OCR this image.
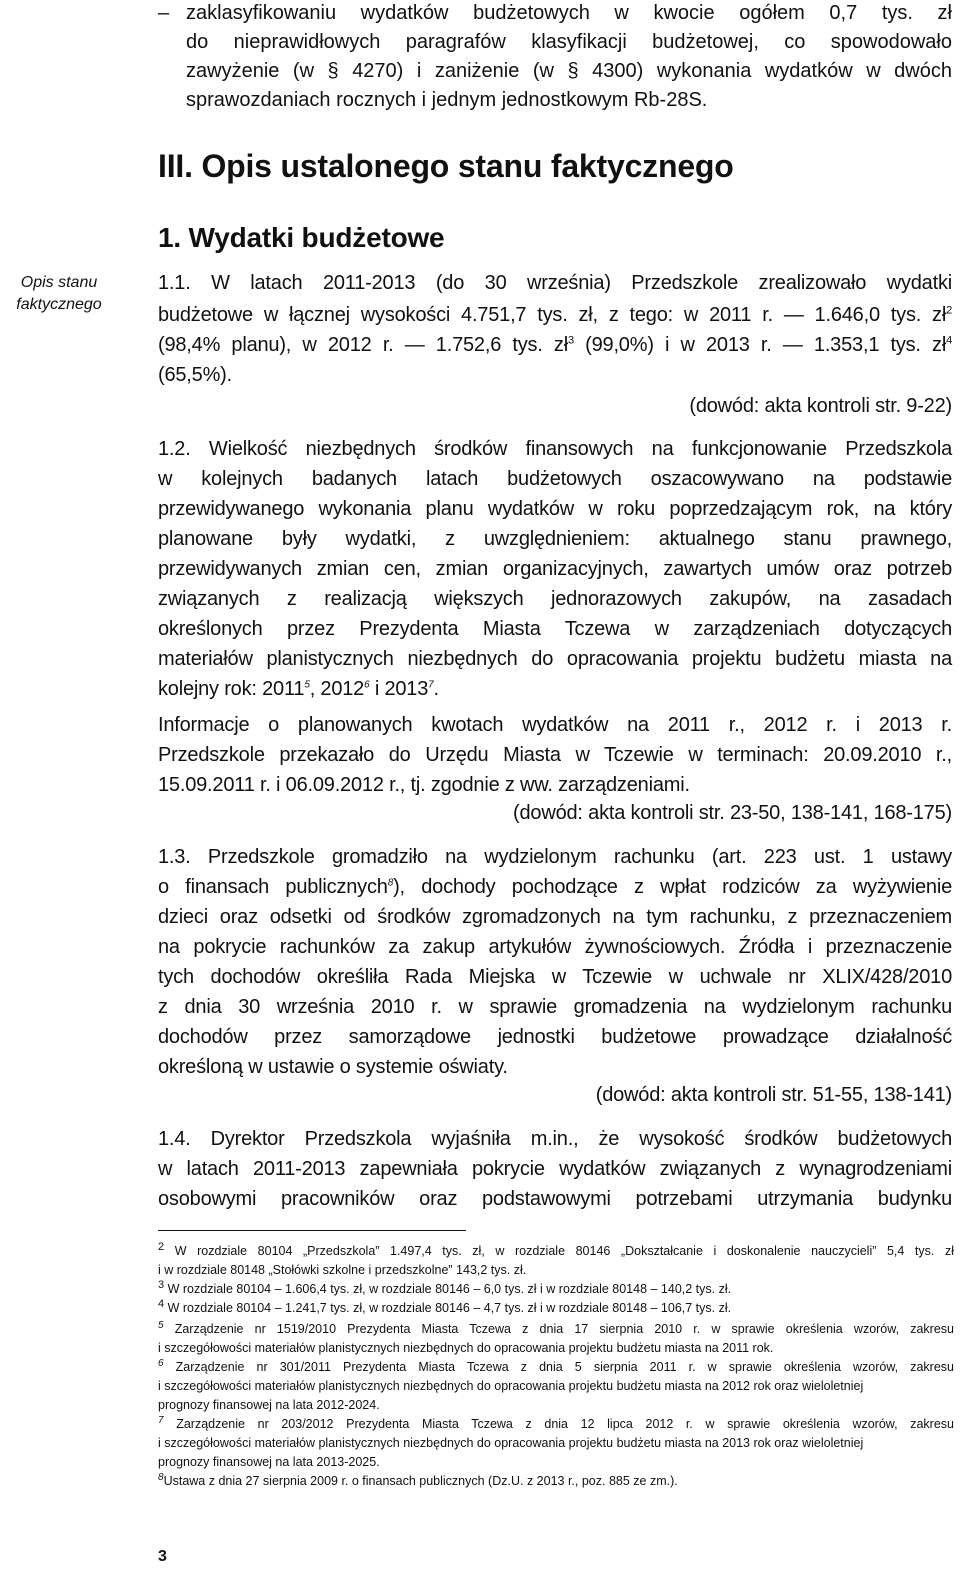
– zaklasyfikowaniu wydatków budżetowych w kwocie ogółem 0,7 tys. zł
do nieprawidłowych paragrafów klasyfikacji budżetowej, co spowodowało
zawyżenie (w § 4270) i zaniżenie (w § 4300) wykonania wydatków w dwóch
sprawozdaniach rocznych i jednym jednostkowym Rb-28S.
III. Opis ustalonego stanu faktycznego
1. Wydatki budżetowe
Opis stanu
faktycznego
1.1. W latach 2011-2013 (do 30 września) Przedszkole zrealizowało wydatki
budżetowe w łącznej wysokości 4.751,7 tys. zł, z tego: w 2011 r. — 1.646,0 tys. $zł^2$
(98,4% planu), w 2012 r. — 1.752,6 tys. $zł^3$ (99,0%) i w 2013 r. — 1.353,1 tys. $zł^4$
(65,5%).
(dowód: akta kontroli str. 9-22)
1.2. Wielkość niezbędnych środków finansowych na funkcjonowanie Przedszkola
w kolejnych badanych latach budżetowych oszacowywano na podstawie
przewidywanego wykonania planu wydatków w roku poprzedzającym rok, na który
planowane były wydatki, z uwzględnieniem: aktualnego stanu prawnego,
przewidywanych zmian cen, zmian organizacyjnych, zawartych umów oraz potrzeb
związanych z realizacją większych jednorazowych zakupów, na zasadach
określonych przez Prezydenta Miasta Tczewa w zarządzeniach dotyczących
materiałów planistycznych niezbędnych do opracowania projektu budżetu miasta na
kolejny rok: 2011$^5$, 2012$^6$ i 2013$^7$.
Informacje o planowanych kwotach wydatków na 2011 r., 2012 r. i 2013 r.
Przedszkole przekazało do Urzędu Miasta w Tczewie w terminach: 20.09.2010 r.,
15.09.2011 r. i 06.09.2012 r., tj. zgodnie z ww. zarządzeniami.
(dowód: akta kontroli str. 23-50, 138-141, 168-175)
1.3. Przedszkole gromadziło na wydzielonym rachunku (art. 223 ust. 1 ustawy
o finansach publicznych$^8$), dochody pochodzące z wpłat rodziców za wyżywienie
dzieci oraz odsetki od środków zgromadzonych na tym rachunku, z przeznaczeniem
na pokrycie rachunków za zakup artykułów żywnościowych. Źródła i przeznaczenie
tych dochodów określiła Rada Miejska w Tczewie w uchwale nr XLIX/428/2010
z dnia 30 września 2010 r. w sprawie gromadzenia na wydzielonym rachunku
dochodów przez samorządowe jednostki budżetowe prowadzące działalność
określoną w ustawie o systemie oświaty.
(dowód: akta kontroli str. 51-55, 138-141)
1.4. Dyrektor Przedszkola wyjaśniła m.in., że wysokość środków budżetowych
w latach 2011-2013 zapewniała pokrycie wydatków związanych z wynagrodzeniami
osobowymi pracowników oraz podstawowymi potrzebami utrzymania budynku
$^2$ W rozdziale 80104 „Przedszkola” 1.497,4 tys. zł, w rozdziale 80146 „Dokształcanie i doskonalenie nauczycieli” 5,4 tys. zł
i w rozdziale 80148 „Stołówki szkolne i przedszkolne” 143,2 tys. zł.
$^3$ W rozdziale 80104 – 1.606,4 tys. zł, w rozdziale 80146 – 6,0 tys. zł i w rozdziale 80148 – 140,2 tys. zł.
$^4$ W rozdziale 80104 – 1.241,7 tys. zł, w rozdziale 80146 – 4,7 tys. zł i w rozdziale 80148 – 106,7 tys. zł.
$^5$ Zarządzenie nr 1519/2010 Prezydenta Miasta Tczewa z dnia 17 sierpnia 2010 r. w sprawie określenia wzorów, zakresu
i szczegółowości materiałów planistycznych niezbędnych do opracowania projektu budżetu miasta na 2011 rok.
$^6$ Zarządzenie nr 301/2011 Prezydenta Miasta Tczewa z dnia 5 sierpnia 2011 r. w sprawie określenia wzorów, zakresu
i szczegółowości materiałów planistycznych niezbędnych do opracowania projektu budżetu miasta na 2012 rok oraz wieloletniej
prognozy finansowej na lata 2012-2024.
$^7$ Zarządzenie nr 203/2012 Prezydenta Miasta Tczewa z dnia 12 lipca 2012 r. w sprawie określenia wzorów, zakresu
i szczegółowości materiałów planistycznych niezbędnych do opracowania projektu budżetu miasta na 2013 rok oraz wieloletniej
prognozy finansowej na lata 2013-2025.
$^8$Ustawa z dnia 27 sierpnia 2009 r. o finansach publicznych (Dz.U. z 2013 r., poz. 885 ze zm.).
3
